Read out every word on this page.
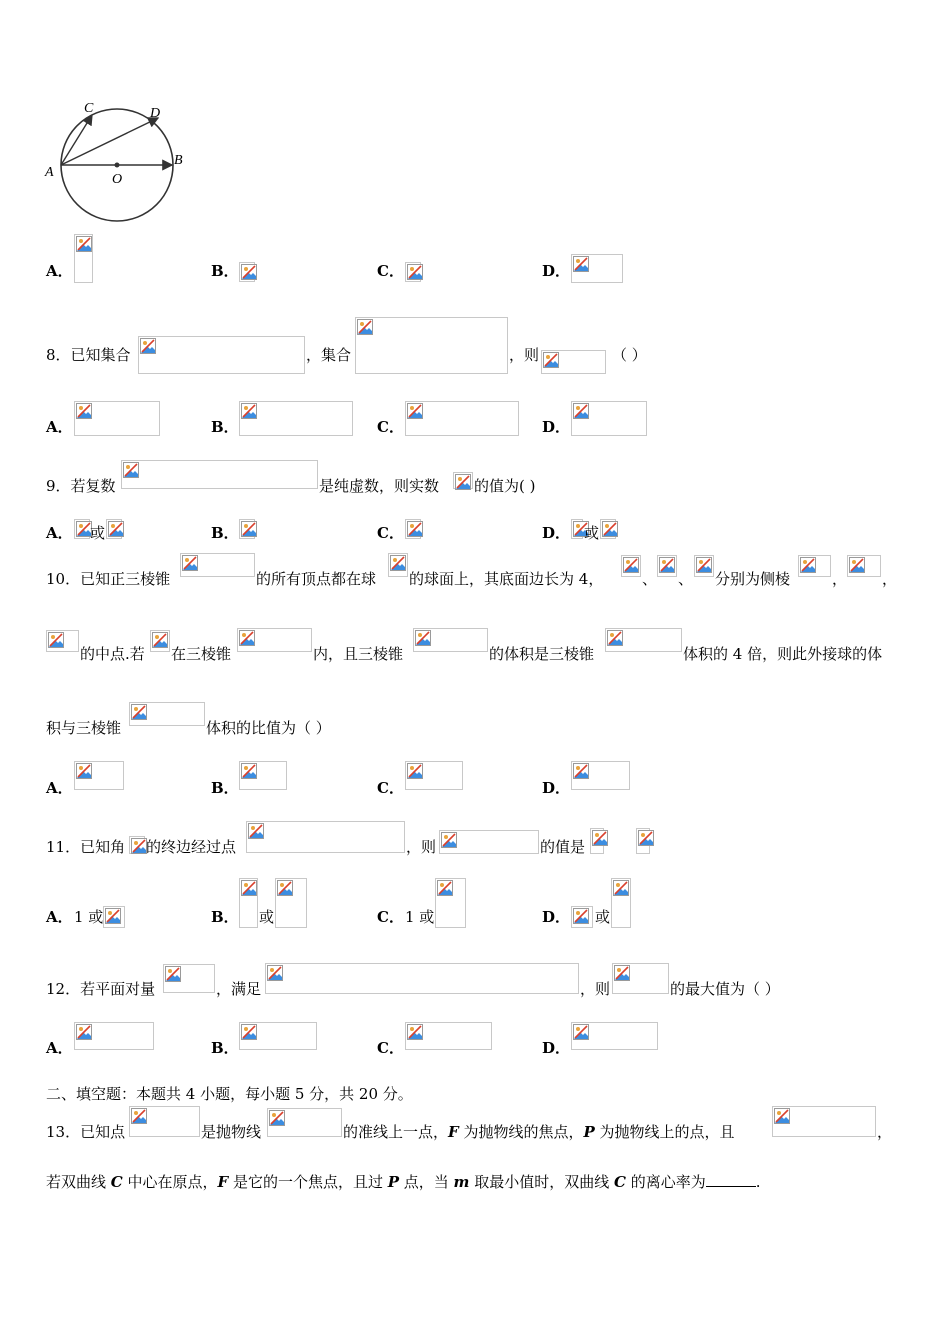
C	D
A
B
O
A．	B．	C．	D．
8．已知集合	，集合	，则	（ ）
A．	B．	C．	D．
9．若复数	是纯虚数，则实数 的值为( )
A． 或	B．	C．	D． 或
10．已知正三棱锥	的所有顶点都在球 的球面上，其底面边长为 4，	、 、 分别为侧棱	， ，
的中点.若 在三棱锥	内，且三棱锥	的体积是三棱锥	体积的 4 倍，则此外接球的体
积与三棱锥	体积的比值为（ ）
A．	B．	C．	D．
11．已知角 的终边经过点	，则	的值是
A． 1 或	B． 或	C． 1 或	D． 或
12．若平面对量	，满足	，则	的最大值为（ ）
A．	B．	C．	D．
二、填空题：本题共 4 小题，每小题 5 分，共 20 分。
13．已知点	是抛物线	的准线上一点，F 为抛物线的焦点，P 为抛物线上的点，且	，
若双曲线 C 中心在原点，F 是它的一个焦点，且过 P 点，当 m 取最小值时，双曲线 C 的离心率为	.
